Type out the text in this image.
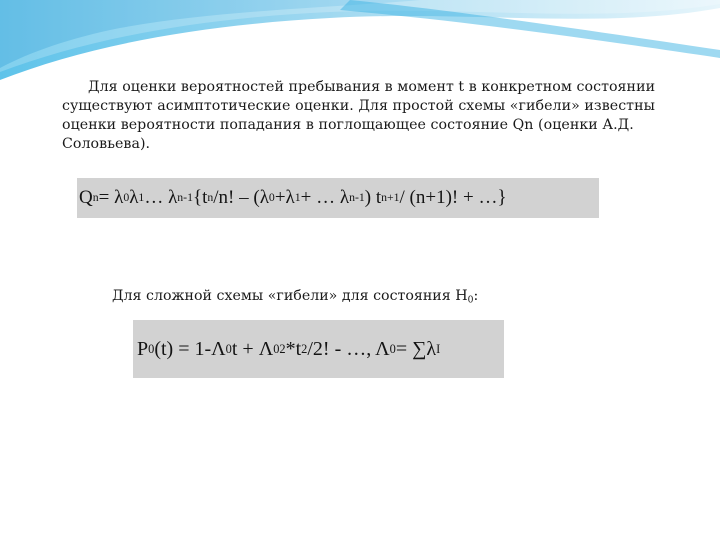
Для оценки вероятностей пребывания в момент t в конкретном состоянии существуют асимптотические оценки. Для простой схемы «гибели» известны оценки вероятности попадания в поглощающее состояние Qn (оценки А.Д. Соловьева).

Q n = λ 0 λ 1 … λ n-1 {t n /n! – (λ 0 +λ 1 + … λ n-1 ) t n+1 / (n+1)! + …}

Для сложной схемы «гибели» для состояния $H_0$:

P 0 (t) = 1-Λ 0 t + Λ 0 2 *t 2 /2! - …, Λ 0 = ∑λ I
